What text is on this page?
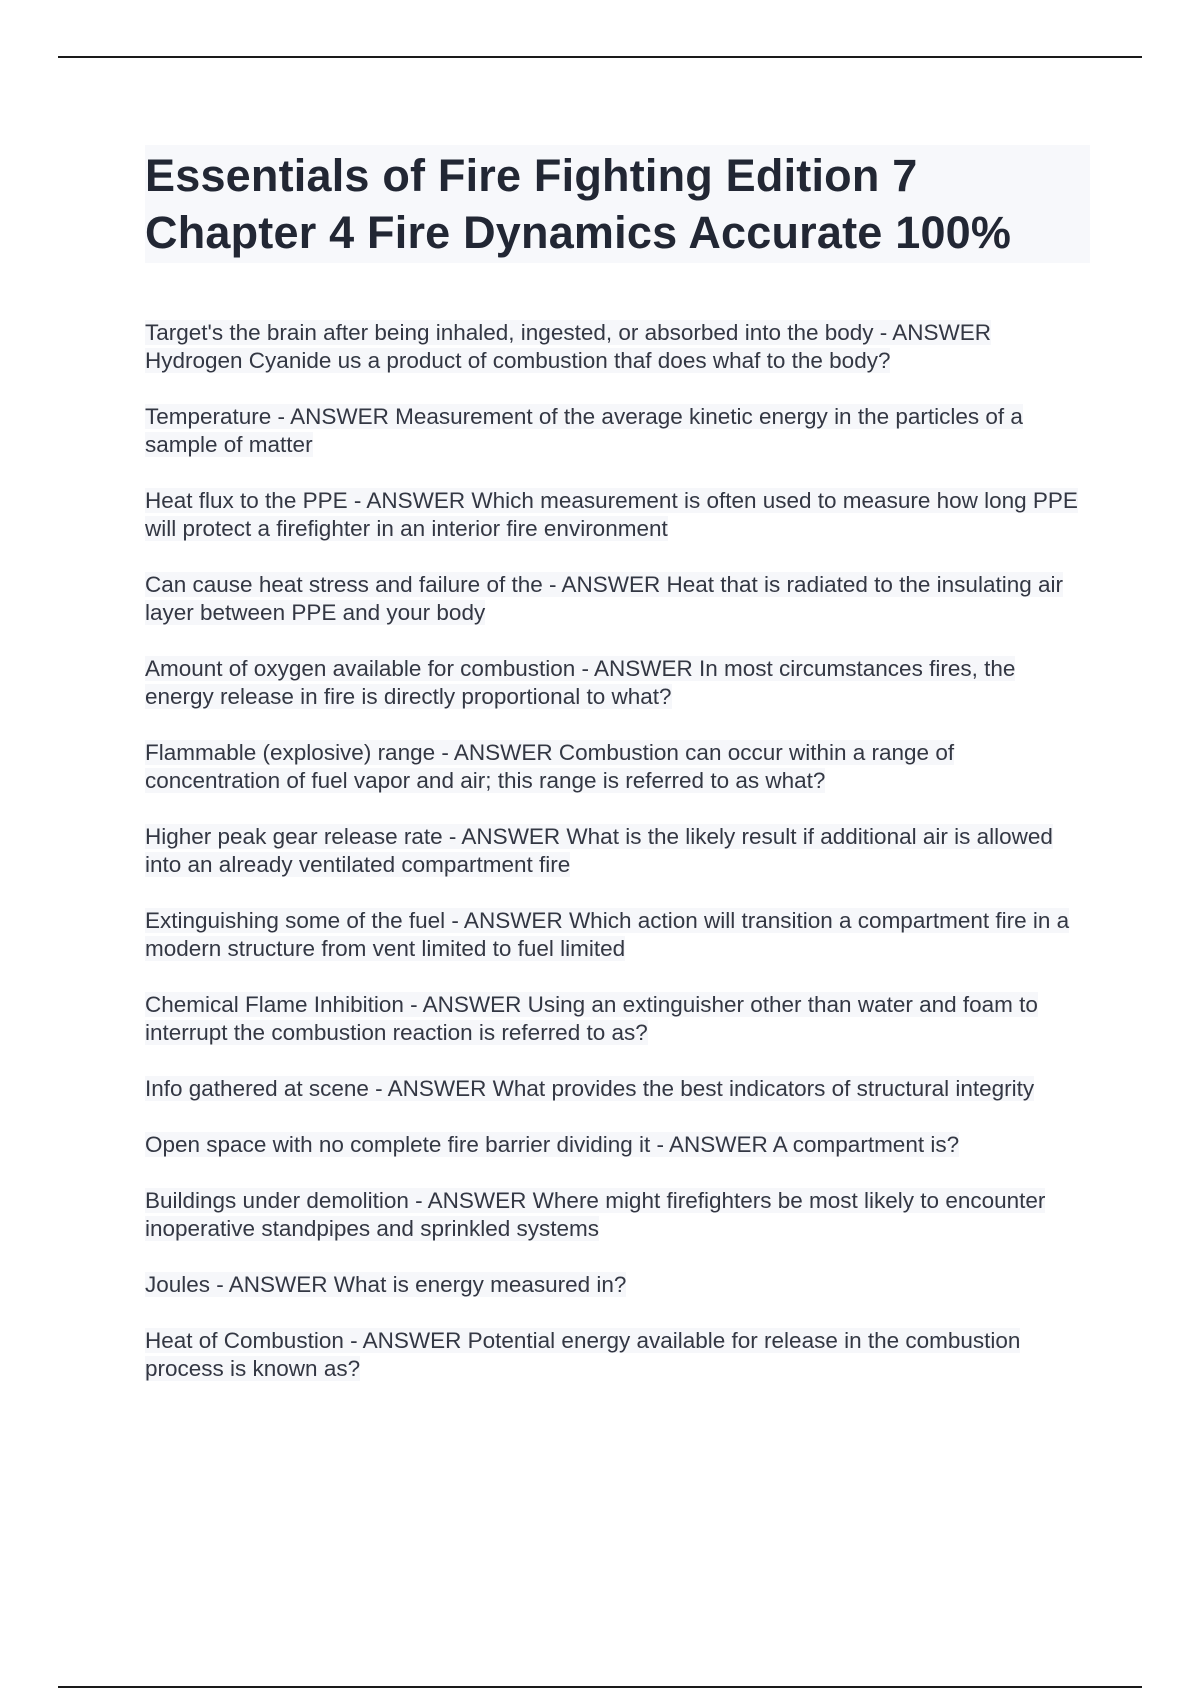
Essentials of Fire Fighting Edition 7
Chapter 4 Fire Dynamics Accurate 100%

Target's the brain after being inhaled, ingested, or absorbed into the body - ANSWER Hydrogen Cyanide us a product of combustion thaf does whaf to the body?

Temperature - ANSWER Measurement of the average kinetic energy in the particles of a sample of matter

Heat flux to the PPE - ANSWER Which measurement is often used to measure how long PPE will protect a firefighter in an interior fire environment

Can cause heat stress and failure of the - ANSWER Heat that is radiated to the insulating air layer between PPE and your body

Amount of oxygen available for combustion - ANSWER In most circumstances fires, the energy release in fire is directly proportional to what?

Flammable (explosive) range - ANSWER Combustion can occur within a range of concentration of fuel vapor and air; this range is referred to as what?

Higher peak gear release rate - ANSWER What is the likely result if additional air is allowed into an already ventilated compartment fire

Extinguishing some of the fuel - ANSWER Which action will transition a compartment fire in a modern structure from vent limited to fuel limited

Chemical Flame Inhibition - ANSWER Using an extinguisher other than water and foam to interrupt the combustion reaction is referred to as?

Info gathered at scene - ANSWER What provides the best indicators of structural integrity

Open space with no complete fire barrier dividing it - ANSWER A compartment is?

Buildings under demolition - ANSWER Where might firefighters be most likely to encounter inoperative standpipes and sprinkled systems

Joules - ANSWER What is energy measured in?

Heat of Combustion - ANSWER Potential energy available for release in the combustion process is known as?
